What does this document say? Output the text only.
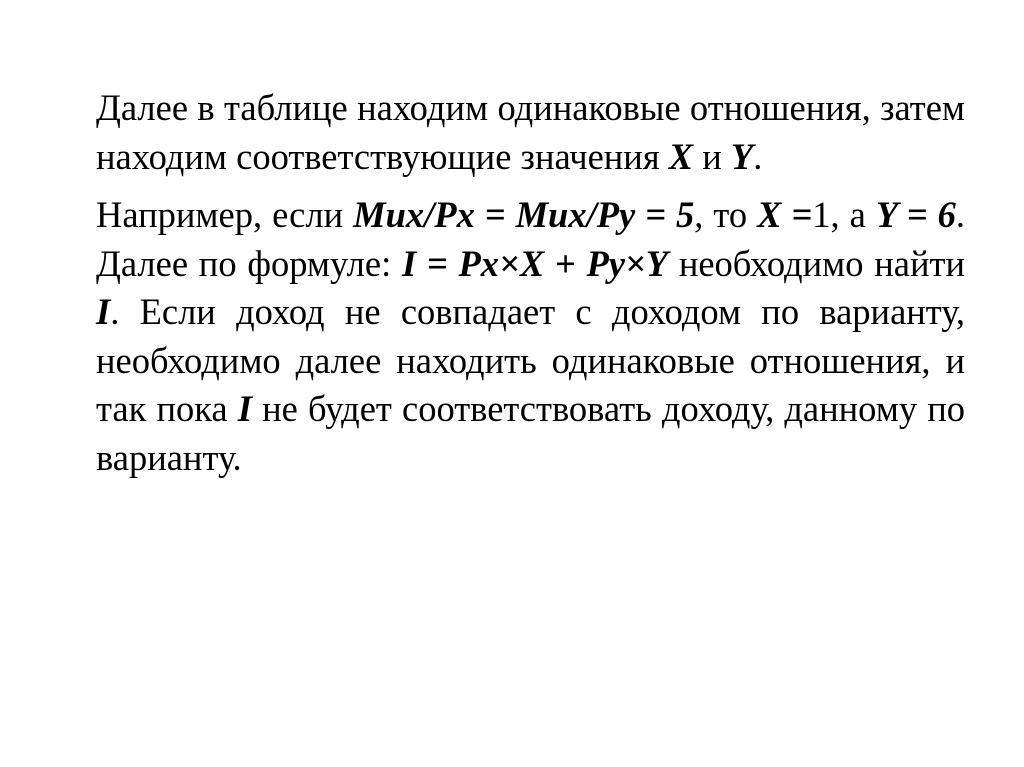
Далее в таблице находим одинаковые отношения, затем находим соответствующие значения X и Y.

Например, если Mux/Px = Mux/Py = 5, то X =1, а Y = 6. Далее по формуле: I = Px×X + Py×Y необходимо найти I. Если доход не совпадает с доходом по варианту, необходимо далее находить одинаковые отношения, и так пока I не будет соответствовать доходу, данному по варианту.
